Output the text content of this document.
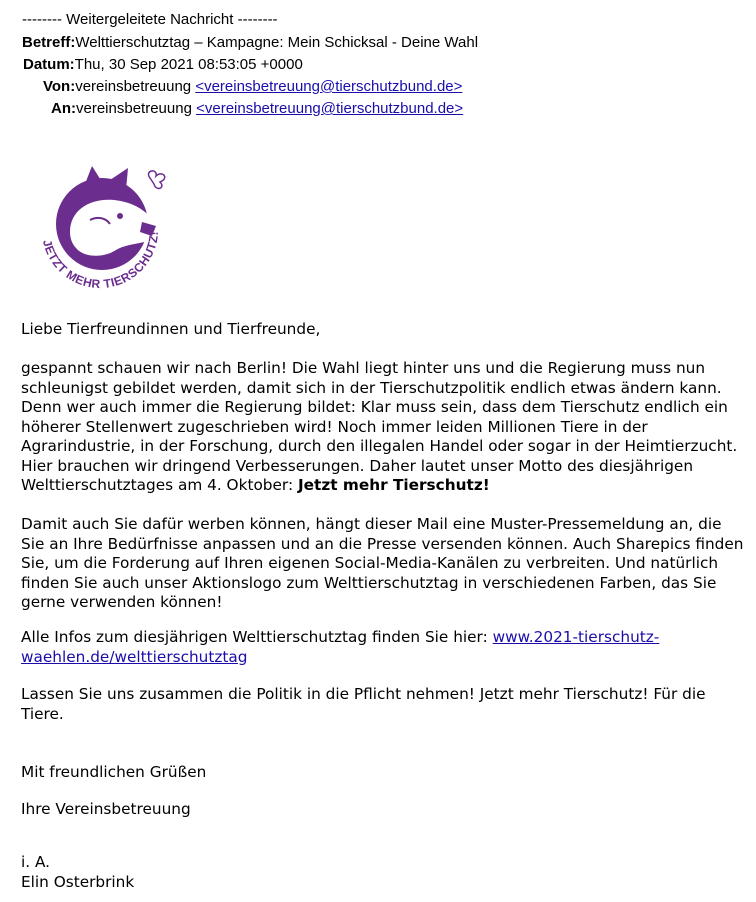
-------- Weitergeleitete Nachricht --------
Betreff:Welttierschutztag – Kampagne: Mein Schicksal - Deine Wahl
Datum:Thu, 30 Sep 2021 08:53:05 +0000
Von:vereinsbetreuung <vereinsbetreuung@tierschutzbund.de>
An:vereinsbetreuung <vereinsbetreuung@tierschutzbund.de>
JETZT MEHR TIERSCHUTZ!

Liebe Tierfreundinnen und Tierfreunde,

gespannt schauen wir nach Berlin! Die Wahl liegt hinter uns und die Regierung muss nun schleunigst gebildet werden, damit sich in der Tierschutzpolitik endlich etwas ändern kann. Denn wer auch immer die Regierung bildet: Klar muss sein, dass dem Tierschutz endlich ein höherer Stellenwert zugeschrieben wird! Noch immer leiden Millionen Tiere in der Agrarindustrie, in der Forschung, durch den illegalen Handel oder sogar in der Heimtierzucht. Hier brauchen wir dringend Verbesserungen. Daher lautet unser Motto des diesjährigen Welttierschutztages am 4. Oktober: Jetzt mehr Tierschutz!

Damit auch Sie dafür werben können, hängt dieser Mail eine Muster-Pressemeldung an, die Sie an Ihre Bedürfnisse anpassen und an die Presse versenden können. Auch Sharepics finden Sie, um die Forderung auf Ihren eigenen Social-Media-Kanälen zu verbreiten. Und natürlich finden Sie auch unser Aktionslogo zum Welttierschutztag in verschiedenen Farben, das Sie gerne verwenden können!

Alle Infos zum diesjährigen Welttierschutztag finden Sie hier: www.2021-tierschutz-waehlen.de/welttierschutztag

Lassen Sie uns zusammen die Politik in die Pflicht nehmen! Jetzt mehr Tierschutz! Für die Tiere.

Mit freundlichen Grüßen

Ihre Vereinsbetreuung

i. A.

Elin Osterbrink
